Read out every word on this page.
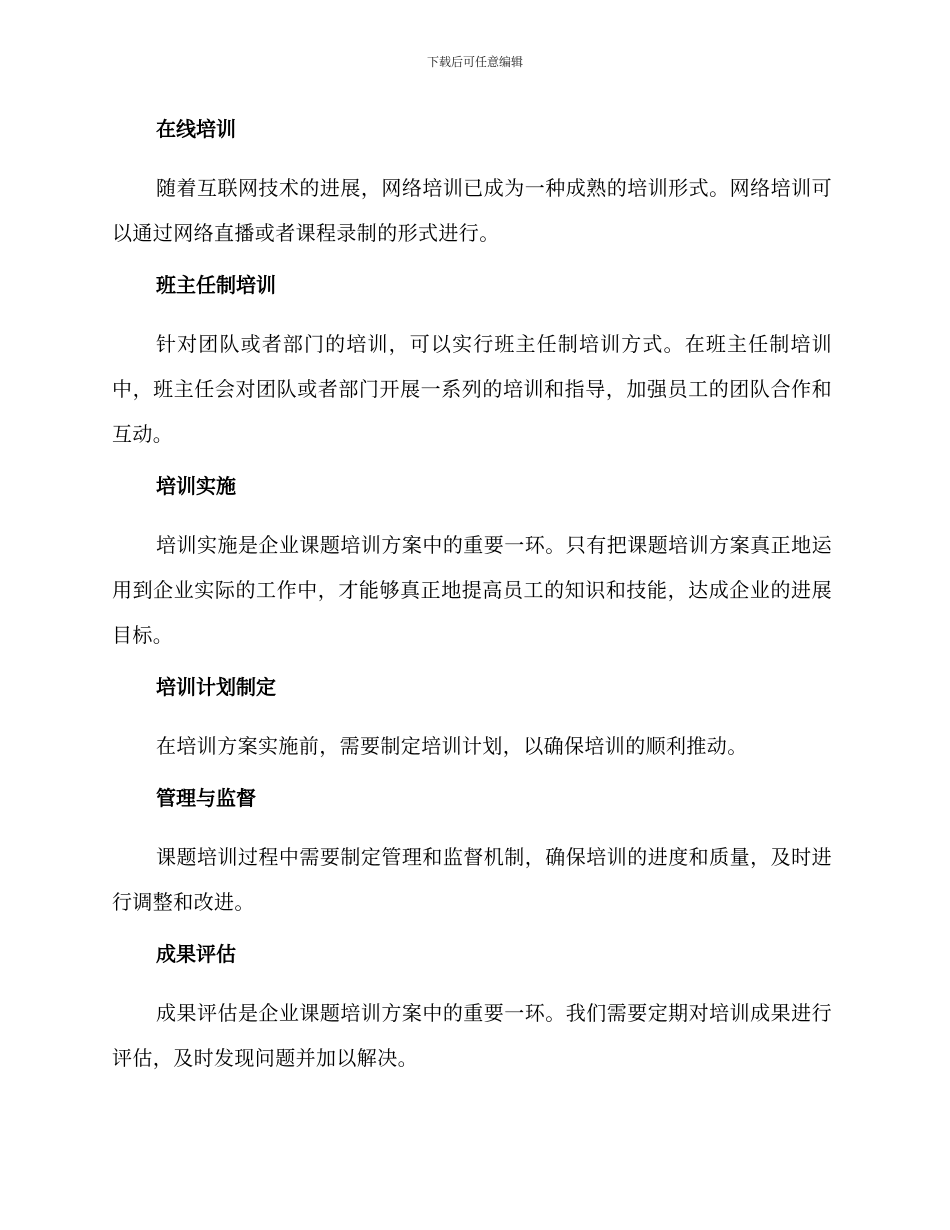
下载后可任意编辑
在线培训

随着互联网技术的进展，网络培训已成为一种成熟的培训形式。网络培训可以通过网络直播或者课程录制的形式进行。

班主任制培训

针对团队或者部门的培训，可以实行班主任制培训方式。在班主任制培训中，班主任会对团队或者部门开展一系列的培训和指导，加强员工的团队合作和互动。

培训实施

培训实施是企业课题培训方案中的重要一环。只有把课题培训方案真正地运用到企业实际的工作中，才能够真正地提高员工的知识和技能，达成企业的进展目标。

培训计划制定

在培训方案实施前，需要制定培训计划，以确保培训的顺利推动。

管理与监督

课题培训过程中需要制定管理和监督机制，确保培训的进度和质量，及时进行调整和改进。

成果评估

成果评估是企业课题培训方案中的重要一环。我们需要定期对培训成果进行评估，及时发现问题并加以解决。
